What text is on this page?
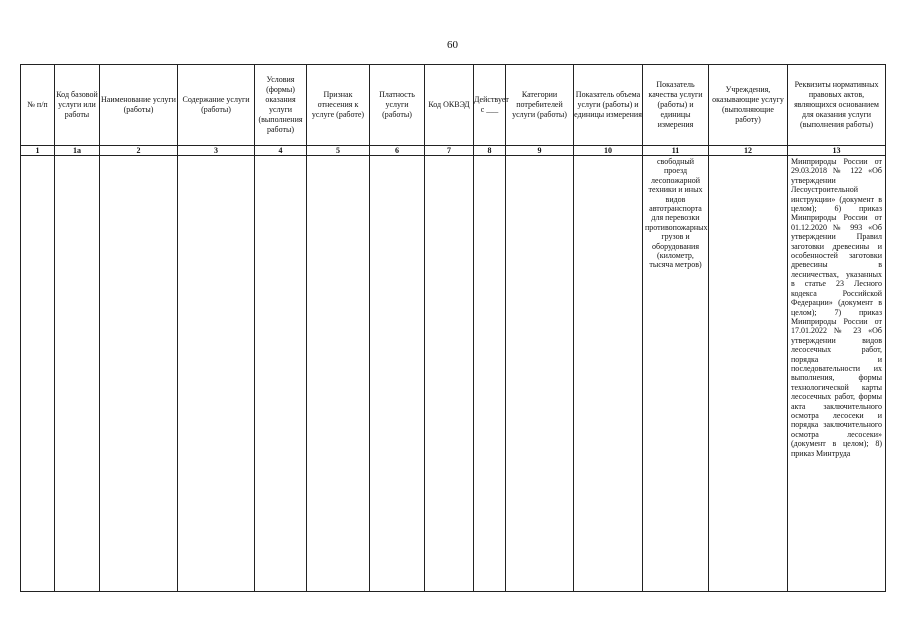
60
№ п/п	Код базовой услуги или работы	Наименование услуги (работы)	Содержание услуги (работы)	Условия (формы) оказания услуги (выполнения работы)	Признак отнесения к услуге (работе)	Платность услуги (работы)	Код ОКВЭД	Действует с ___	Категории потребителей услуги (работы)	Показатель объема услуги (работы) и единицы измерения	Показатель качества услуги (работы) и единицы измерения	Учреждения, оказывающие услугу (выполняющие работу)	Реквизиты нормативных правовых актов, являющихся основанием для оказания услуги (выполнения работы)
1	1а	2	3	4	5	6	7	8	9	10	11	12	13
											свободный проезд лесопожарной техники и иных видов автотранспорта для перевозки противопожарных грузов и оборудования (километр, тысяча метров)		Минприроды России от 29.03.2018 № 122 «Об утверждении Лесоустроительной инструкции» (документ в целом); 6) приказ Минприроды России от 01.12.2020 № 993 «Об утверждении Правил заготовки древесины и особенностей заготовки древесины в лесничествах, указанных в статье 23 Лесного кодекса Российской Федерации» (документ в целом); 7) приказ Минприроды России от 17.01.2022 № 23 «Об утверждении видов лесосечных работ, порядка и последовательности их выполнения, формы технологической карты лесосечных работ, формы акта заключительного осмотра лесосеки и порядка заключительного осмотра лесосеки» (документ в целом); 8) приказ Минтруда
